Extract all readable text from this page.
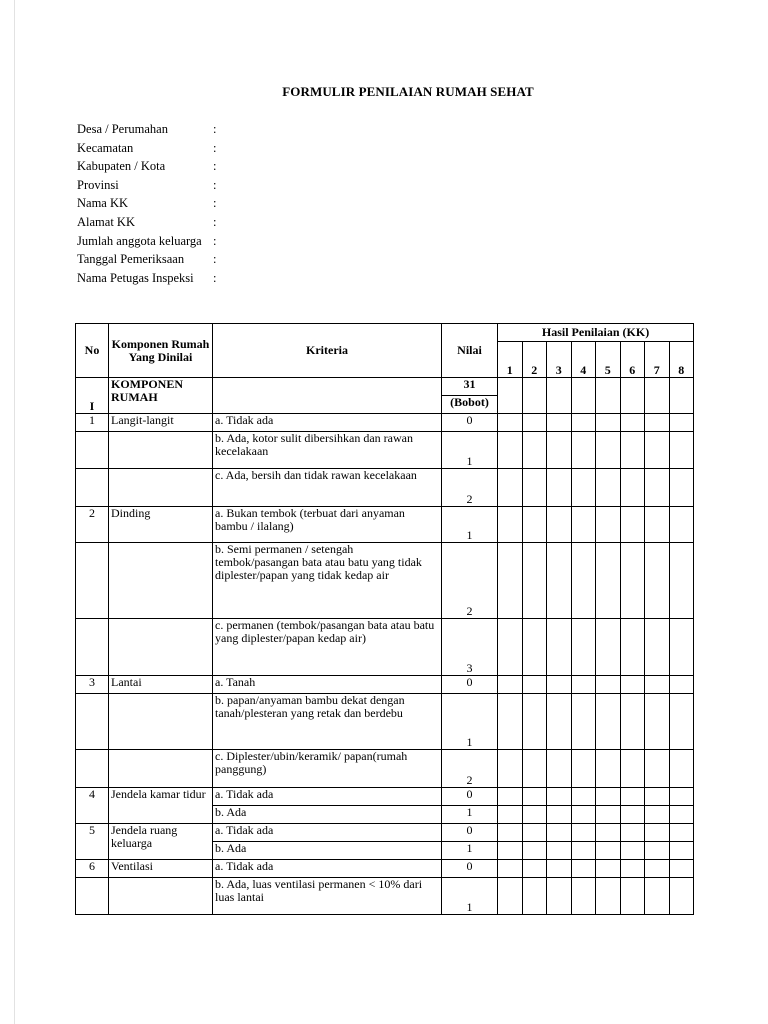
FORMULIR PENILAIAN RUMAH SEHAT
Desa / Perumahan	:
Kecamatan	:
Kabupaten / Kota	:
Provinsi	:
Nama KK	:
Alamat KK	:
Jumlah anggota keluarga :
Tanggal Pemeriksaan :
Nama Petugas Inspeksi :
No	Komponen Rumah Yang Dinilai	Kriteria	Nilai	Hasil Penilaian (KK)							
				1	2	3	4	5	6	7	8
I	KOMPONEN RUMAH		31								
			(Bobot)								
1	Langit-langit	a. Tidak ada	0								
		b. Ada, kotor sulit dibersihkan dan rawan kecelakaan	1								
		c. Ada, bersih dan tidak rawan kecelakaan	2								
2	Dinding	a. Bukan tembok (terbuat dari anyaman bambu / ilalang)	1								
		b. Semi permanen / setengah tembok/pasangan bata atau batu yang tidak diplester/papan yang tidak kedap air	2								
		c. permanen (tembok/pasangan bata atau batu yang diplester/papan kedap air)	3								
3	Lantai	a. Tanah	0								
		b. papan/anyaman bambu dekat dengan tanah/plesteran yang retak dan berdebu	1								
		c. Diplester/ubin/keramik/ papan(rumah panggung)	2								
4	Jendela kamar tidur	a. Tidak ada	0								
		b. Ada	1								
5	Jendela ruang keluarga	a. Tidak ada	0								
		b. Ada	1								
6	Ventilasi	a. Tidak ada	0								
		b. Ada, luas ventilasi permanen < 10% dari luas lantai	1								
